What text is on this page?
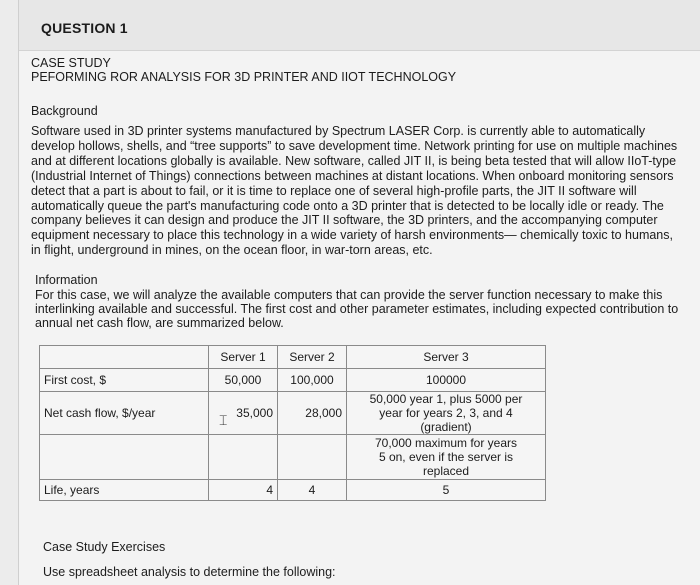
QUESTION 1
CASE STUDY
PEFORMING ROR ANALYSIS FOR 3D PRINTER AND IIOT TECHNOLOGY
Background
Software used in 3D printer systems manufactured by Spectrum LASER Corp. is currently able to automatically develop hollows, shells, and “tree supports” to save development time. Network printing for use on multiple machines and at different locations globally is available. New software, called JIT II, is being beta tested that will allow IIoT-type (Industrial Internet of Things) connections between machines at distant locations. When onboard monitoring sensors detect that a part is about to fail, or it is time to replace one of several high-profile parts, the JIT II software will automatically queue the part's manufacturing code onto a 3D printer that is detected to be locally idle or ready. The company believes it can design and produce the JIT II software, the 3D printers, and the accompanying computer equipment necessary to place this technology in a wide variety of harsh environments— chemically toxic to humans, in flight, underground in mines, on the ocean floor, in war-torn areas, etc.
Information
For this case, we will analyze the available computers that can provide the server function necessary to make this interlinking available and successful. The first cost and other parameter estimates, including expected contribution to annual net cash flow, are summarized below.
	Server 1	Server 2	Server 3
First cost, $	50,000	100,000	100000
Net cash flow, $/year	35,000	28,000	50,000 year 1, plus 5000 per
year for years 2, 3, and 4
(gradient)

			70,000 maximum for years
5 on, even if the server is
replaced

Life, years	4	4	5
⌶
Case Study Exercises
Use spreadsheet analysis to determine the following:
